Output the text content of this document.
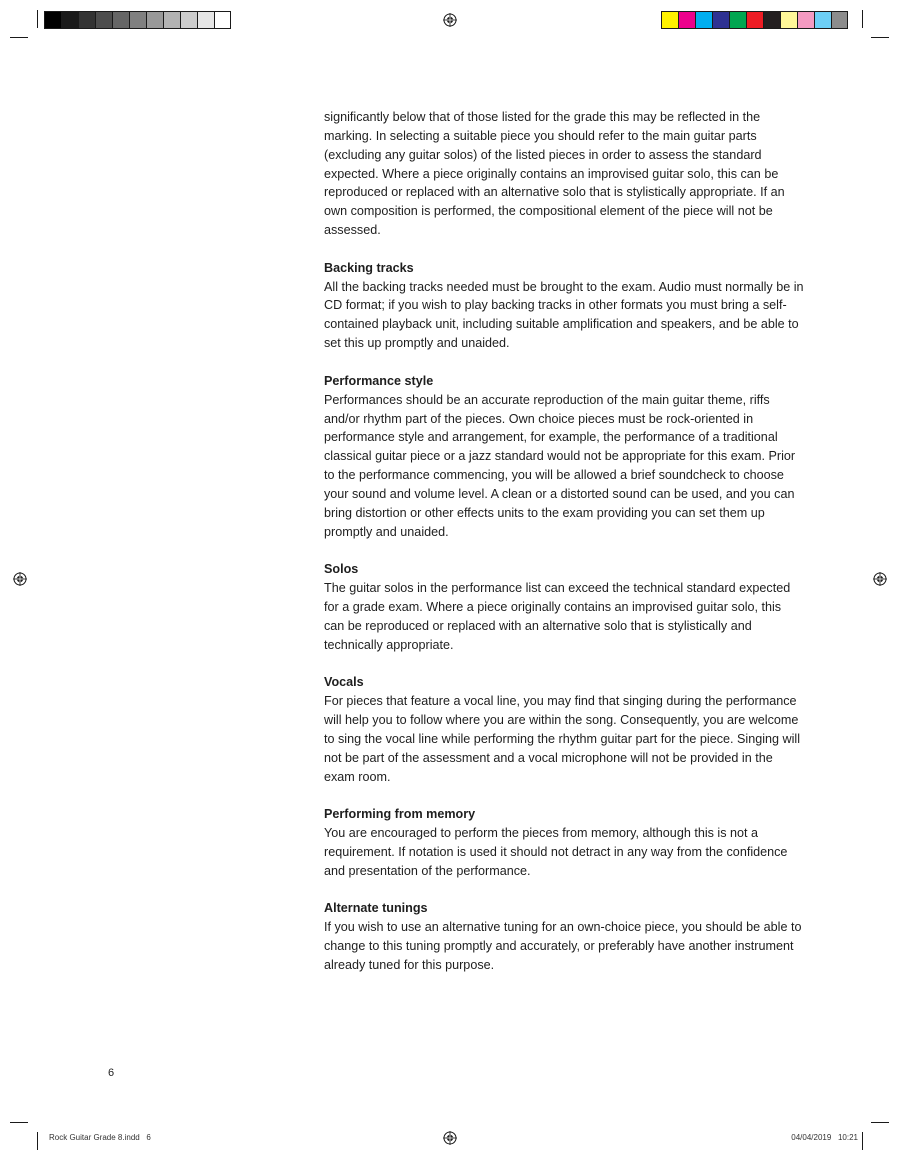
significantly below that of those listed for the grade this may be reflected in the marking. In selecting a suitable piece you should refer to the main guitar parts (excluding any guitar solos) of the listed pieces in order to assess the standard expected. Where a piece originally contains an improvised guitar solo, this can be reproduced or replaced with an alternative solo that is stylistically appropriate. If an own composition is performed, the compositional element of the piece will not be assessed.

Backing tracks
All the backing tracks needed must be brought to the exam. Audio must normally be in CD format; if you wish to play backing tracks in other formats you must bring a self-contained playback unit, including suitable amplification and speakers, and be able to set this up promptly and unaided.

Performance style
Performances should be an accurate reproduction of the main guitar theme, riffs and/or rhythm part of the pieces. Own choice pieces must be rock-oriented in performance style and arrangement, for example, the performance of a traditional classical guitar piece or a jazz standard would not be appropriate for this exam. Prior to the performance commencing, you will be allowed a brief soundcheck to choose your sound and volume level. A clean or a distorted sound can be used, and you can bring distortion or other effects units to the exam providing you can set them up promptly and unaided.

Solos
The guitar solos in the performance list can exceed the technical standard expected for a grade exam. Where a piece originally contains an improvised guitar solo, this can be reproduced or replaced with an alternative solo that is stylistically and technically appropriate.

Vocals
For pieces that feature a vocal line, you may find that singing during the performance will help you to follow where you are within the song. Consequently, you are welcome to sing the vocal line while performing the rhythm guitar part for the piece. Singing will not be part of the assessment and a vocal microphone will not be provided in the exam room.

Performing from memory
You are encouraged to perform the pieces from memory, although this is not a requirement. If notation is used it should not detract in any way from the confidence and presentation of the performance.

Alternate tunings
If you wish to use an alternative tuning for an own-choice piece, you should be able to change to this tuning promptly and accurately, or preferably have another instrument already tuned for this purpose.

6
Rock Guitar Grade 8.indd   6	04/04/2019   10:21
